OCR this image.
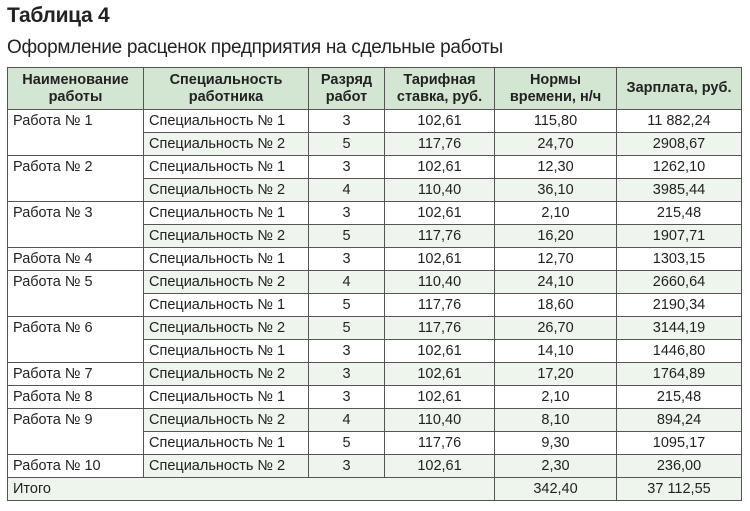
Таблица 4
Оформление расценок предприятия на сдельные работы
Наименование работы	Специальность работника	Разряд работ	Тарифная ставка, руб.	Нормы времени, н/ч	Зарплата, руб.
Работа № 1	Специальность № 1	3	102,61	115,80	11 882,24
	Специальность № 2	5	117,76	24,70	2908,67
Работа № 2	Специальность № 1	3	102,61	12,30	1262,10
	Специальность № 2	4	110,40	36,10	3985,44
Работа № 3	Специальность № 1	3	102,61	2,10	215,48
	Специальность № 2	5	117,76	16,20	1907,71
Работа № 4	Специальность № 1	3	102,61	12,70	1303,15
Работа № 5	Специальность № 2	4	110,40	24,10	2660,64
	Специальность № 1	5	117,76	18,60	2190,34
Работа № 6	Специальность № 2	5	117,76	26,70	3144,19
	Специальность № 1	3	102,61	14,10	1446,80
Работа № 7	Специальность № 2	3	102,61	17,20	1764,89
Работа № 8	Специальность № 1	3	102,61	2,10	215,48
Работа № 9	Специальность № 2	4	110,40	8,10	894,24
	Специальность № 1	5	117,76	9,30	1095,17
Работа № 10	Специальность № 2	3	102,61	2,30	236,00
Итого				342,40	37 112,55
